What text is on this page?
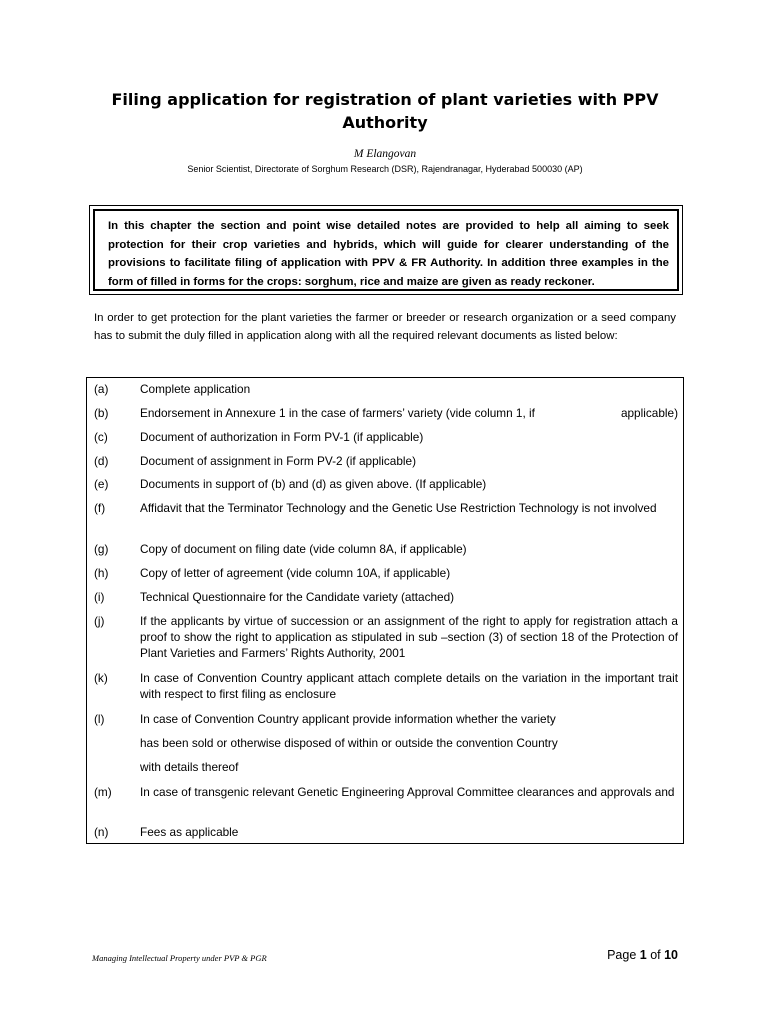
Filing application for registration of plant varieties with PPV Authority
M Elangovan
Senior Scientist, Directorate of Sorghum Research (DSR), Rajendranagar, Hyderabad 500030 (AP)
In this chapter the section and point wise detailed notes are provided to help all aiming to seek protection for their crop varieties and hybrids, which will guide for clearer understanding of the provisions to facilitate filing of application with PPV & FR Authority. In addition three examples in the form of filled in forms for the crops: sorghum, rice and maize are given as ready reckoner.
In order to get protection for the plant varieties the farmer or breeder or research organization or a seed company has to submit the duly filled in application along with all the required relevant documents as listed below:
(a)	Complete application
(b)	Endorsement in Annexure 1 in the case of farmers’ variety (vide column 1, if	applicable)
(c)	Document of authorization in Form PV-1 (if applicable)
(d)	Document of assignment in Form PV-2 (if applicable)
(e)	Documents in support of (b) and (d) as given above. (If applicable)
(f)	Affidavit that the Terminator Technology and the Genetic Use Restriction Technology is not involved
(g)	Copy of document on filing date (vide column 8A, if applicable)
(h)	Copy of letter of agreement (vide column 10A, if applicable)
(i)	Technical Questionnaire for the Candidate variety (attached)
(j)	If the applicants by virtue of succession or an assignment of the right to apply for registration attach a proof to show the right to application as stipulated in sub –section (3) of section 18 of the Protection of Plant Varieties and Farmers’ Rights Authority, 2001
(k)	In case of Convention Country applicant attach complete details on the variation in the important trait with respect to first filing as enclosure
(l)	In case of Convention Country applicant provide information whether the variety
has been sold or otherwise disposed of within or outside the convention Country
with details thereof
(m) In case of transgenic relevant Genetic Engineering Approval Committee clearances and approvals and
(n)	Fees as applicable
Managing Intellectual Property under PVP & PGR	Page 1 of 10
